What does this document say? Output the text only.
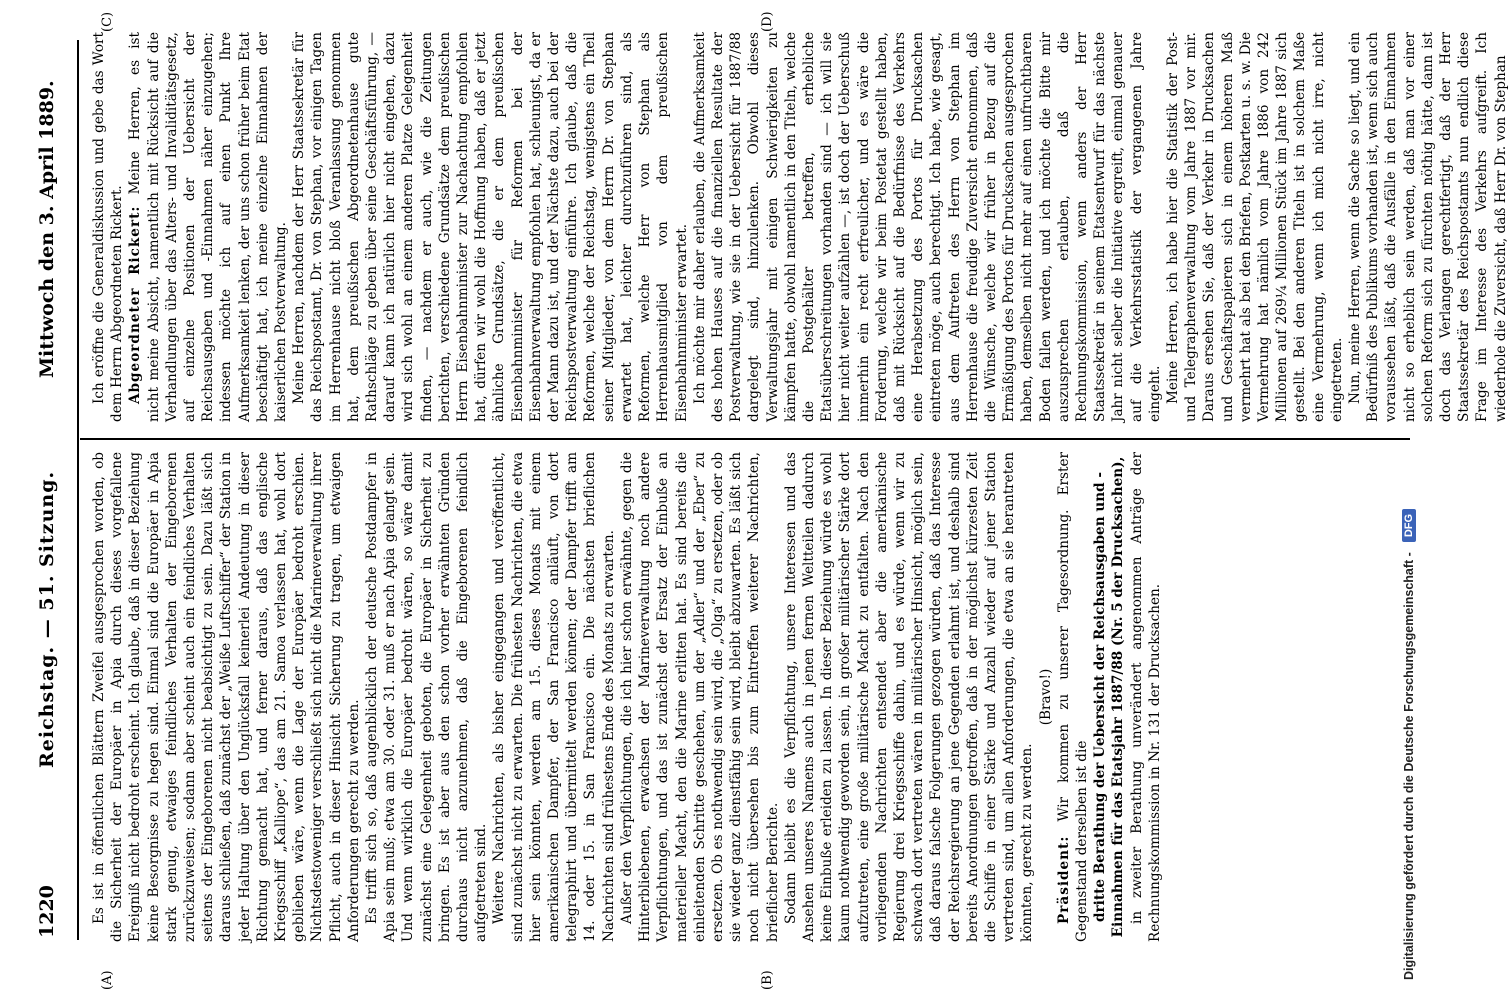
1220
Reichstag. — 51. Sitzung.
Mittwoch den 3. April 1889.
(A)	(B)
(C)	(D)

Es ist in öffentlichen Blättern Zweifel ausgesprochen worden, ob die Sicherheit der Europäer in Apia durch dieses vorgefallene Ereigniß nicht bedroht erscheint. Ich glaube, daß in dieser Beziehung keine Besorgnisse zu hegen sind. Einmal sind die Europäer in Apia stark genug, etwaiges feindliches Verhalten der Eingeborenen zurückzuweisen; sodann aber scheint auch ein feindliches Verhalten seitens der Eingeborenen nicht beabsichtigt zu sein. Dazu läßt sich daraus schließen, daß zunächst der „Weiße Luftschiffer“ der Station in jeder Haltung über den Unglücksfall keinerlei Andeutung in dieser Richtung gemacht hat, und ferner daraus, daß das englische Kriegsschiff „Kalliope“, das am 21. Samoa verlassen hat, wohl dort geblieben wäre, wenn die Lage der Europäer bedroht erschien. Nichtsdestoweniger verschließt sich nicht die Marineverwaltung ihrer Pflicht, auch in dieser Hinsicht Sicherung zu tragen, um etwaigen Anforderungen gerecht zu werden. Es trifft sich so, daß augenblicklich der deutsche Postdampfer in Apia sein muß; etwa am 30. oder 31. muß er nach Apia gelangt sein. Und wenn wirklich die Europäer bedroht wären, so wäre damit zunächst eine Gelegenheit geboten, die Europäer in Sicherheit zu bringen. Es ist aber aus den schon vorher erwähnten Gründen durchaus nicht anzunehmen, daß die Eingeborenen feindlich aufgetreten sind. Weitere Nachrichten, als bisher eingegangen und veröffentlicht, sind zunächst nicht zu erwarten. Die frühesten Nachrichten, die etwa hier sein könnten, werden am 15. dieses Monats mit einem amerikanischen Dampfer, der San Francisco anläuft, von dort telegraphirt und übermittelt werden können; der Dampfer trifft am 14. oder 15. in San Francisco ein. Die nächsten brieflichen Nachrichten sind frühestens Ende des Monats zu erwarten. Außer den Verpflichtungen, die ich hier schon erwähnte, gegen die Hinterbliebenen, erwachsen der Marineverwaltung noch andere Verpflichtungen, und das ist zunächst der Ersatz der Einbuße an materieller Macht, den die Marine erlitten hat. Es sind bereits die einleitenden Schritte geschehen, um der „Adler“ und der „Eber“ zu ersetzen. Ob es nothwendig sein wird, die „Olga“ zu ersetzen, oder ob sie wieder ganz dienstfähig sein wird, bleibt abzuwarten. Es läßt sich noch nicht übersehen bis zum Eintreffen weiterer Nachrichten, brieflicher Berichte. Sodann bleibt es die Verpflichtung, unsere Interessen und das Ansehen unseres Namens auch in jenen fernen Weltteilen dadurch keine Einbuße erleiden zu lassen. In dieser Beziehung würde es wohl kaum nothwendig geworden sein, in großer militärischer Stärke dort aufzutreten, eine große militärische Macht zu entfalten. Nach den vorliegenden Nachrichten entsendet aber die amerikanische Regierung drei Kriegsschiffe dahin, und es würde, wenn wir zu schwach dort vertreten wären in militärischer Hinsicht, möglich sein, daß daraus falsche Folgerungen gezogen würden, daß das Interesse der Reichsregierung an jene Gegenden erlahmt ist, und deshalb sind bereits Anordnungen getroffen, daß in der möglichst kürzesten Zeit die Schiffe in einer Stärke und Anzahl wieder auf jener Station vertreten sind, um allen Anforderungen, die etwa an sie herantreten könnten, gerecht zu werden.

(Bravo!)

Präsident: Wir kommen zu unserer Tagesordnung. Erster Gegenstand derselben ist die dritte Berathung der Uebersicht der Reichsausgaben und -Einnahmen für das Etatsjahr 1887/88 (Nr. 5 der Drucksachen), in zweiter Berathung unverändert angenommen Anträge der Rechnungskommission in Nr. 131 der Drucksachen.

Ich eröffne die Generaldiskussion und gebe das Wort dem Herrn Abgeordneten Rickert. Abgeordneter Rickert: Meine Herren, es ist nicht meine Absicht, namentlich mit Rücksicht auf die Verhandlungen über das Alters- und Invaliditätsgesetz, auf einzelne Positionen der Uebersicht der Reichsausgaben und -Einnahmen näher einzugehen; indessen möchte ich auf einen Punkt Ihre Aufmerksamkeit lenken, der uns schon früher beim Etat beschäftigt hat, ich meine einzelne Einnahmen der kaiserlichen Postverwaltung. Meine Herren, nachdem der Herr Staatssekretär für das Reichspostamt, Dr. von Stephan, vor einigen Tagen im Herrenhause nicht bloß Veranlassung genommen hat, dem preußischen Abgeordnetenhause gute Rathschläge zu geben über seine Geschäftsführung, — darauf kann ich natürlich hier nicht eingehen, dazu wird sich wohl an einem anderen Platze Gelegenheit finden, — nachdem er auch, wie die Zeitungen berichten, verschiedene Grundsätze dem preußischen Herrn Eisenbahnminister zur Nachachtung empfohlen hat, dürfen wir wohl die Hoffnung haben, daß er jetzt ähnliche Grundsätze, die er dem preußischen Eisenbahnminister für Reformen bei der Eisenbahnverwaltung empfohlen hat, schleunigst, da er der Mann dazu ist, und der Nächste dazu, auch bei der Reichspostverwaltung einführe. Ich glaube, daß die Reformen, welche der Reichstag, wenigstens ein Theil seiner Mitglieder, von dem Herrn Dr. von Stephan erwartet hat, leichter durchzuführen sind, als Reformen, welche Herr von Stephan als Herrenhausmitglied von dem preußischen Eisenbahnminister erwartet. Ich möchte mir daher erlauben, die Aufmerksamkeit des hohen Hauses auf die finanziellen Resultate der Postverwaltung, wie sie in der Uebersicht für 1887/88 dargelegt sind, hinzulenken. Obwohl dieses Verwaltungsjahr mit einigen Schwierigkeiten zu kämpfen hatte, obwohl namentlich in den Titeln, welche die Postgehälter betreffen, erhebliche Etatsüberschreitungen vorhanden sind — ich will sie hier nicht weiter aufzählen —, ist doch der Ueberschuß immerhin ein recht erfreulicher, und es wäre die Forderung, welche wir beim Postetat gestellt haben, daß mit Rücksicht auf die Bedürfnisse des Verkehrs eine Herabsetzung des Portos für Drucksachen eintreten möge, auch berechtigt. Ich habe, wie gesagt, aus dem Auftreten des Herrn von Stephan im Herrenhause die freudige Zuversicht entnommen, daß die Wünsche, welche wir früher in Bezug auf die Ermäßigung des Portos für Drucksachen ausgesprochen haben, demselben nicht mehr auf einen unfruchtbaren Boden fallen werden, und ich möchte die Bitte mir auszusprechen erlauben, daß die Rechnungskommission, wenn anders der Herr Staatssekretär in seinem Etatsentwurf für das nächste Jahr nicht selber die Initiative ergreift, einmal genauer auf die Verkehrsstatistik der vergangenen Jahre eingeht. Meine Herren, ich habe hier die Statistik der Post- und Telegraphenverwaltung vom Jahre 1887 vor mir. Daraus ersehen Sie, daß der Verkehr in Drucksachen und Geschäftspapieren sich in einem höheren Maß vermehrt hat als bei den Briefen, Postkarten u. s. w. Die Vermehrung hat nämlich vom Jahre 1886 von 242 Millionen auf 269¼ Millionen Stück im Jahre 1887 sich gestellt. Bei den anderen Titeln ist in solchem Maße eine Vermehrung, wenn ich mich nicht irre, nicht eingetreten. Nun, meine Herren, wenn die Sache so liegt, und ein Bedürfniß des Publikums vorhanden ist, wenn sich auch voraussehen läßt, daß die Ausfälle in den Einnahmen nicht so erheblich sein werden, daß man vor einer solchen Reform sich zu fürchten nöthig hätte, dann ist doch das Verlangen gerechtfertigt, daß der Herr Staatssekretär des Reichspostamts nun endlich diese Frage im Interesse des Verkehrs aufgreift. Ich wiederhole die Zuversicht, daß Herr Dr. von Stephan

Digitalisierung gefördert durch die Deutsche Forschungsgemeinschaft -
DFG
